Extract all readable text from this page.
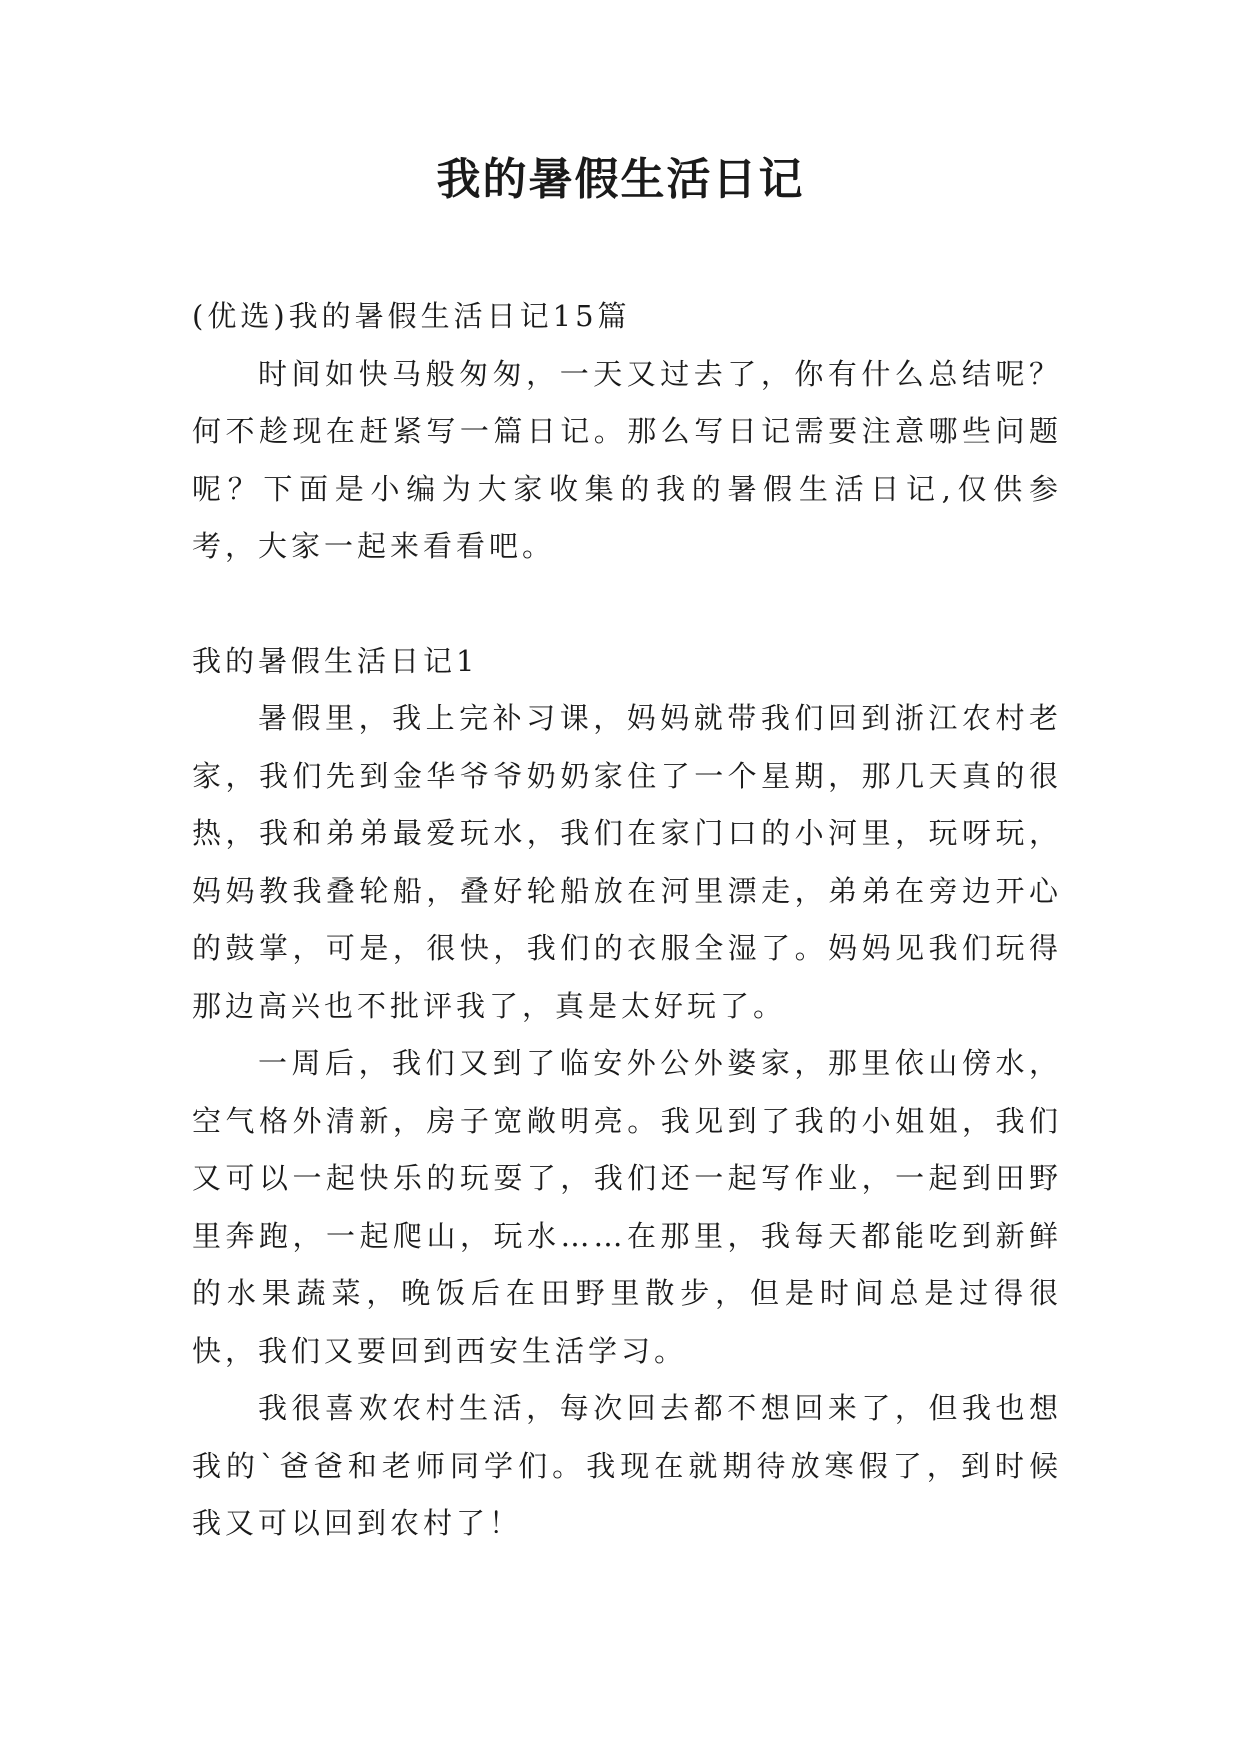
我的暑假生活日记

(优选)我的暑假生活日记15篇

时间如快马般匆匆，一天又过去了，你有什么总结呢？何不趁现在赶紧写一篇日记。那么写日记需要注意哪些问题呢？下面是小编为大家收集的我的暑假生活日记,仅供参考，大家一起来看看吧。

我的暑假生活日记1

暑假里，我上完补习课，妈妈就带我们回到浙江农村老家，我们先到金华爷爷奶奶家住了一个星期，那几天真的很热，我和弟弟最爱玩水，我们在家门口的小河里，玩呀玩，妈妈教我叠轮船，叠好轮船放在河里漂走，弟弟在旁边开心的鼓掌，可是，很快，我们的衣服全湿了。妈妈见我们玩得那边高兴也不批评我了，真是太好玩了。

一周后，我们又到了临安外公外婆家，那里依山傍水，空气格外清新，房子宽敞明亮。我见到了我的小姐姐，我们又可以一起快乐的玩耍了，我们还一起写作业，一起到田野里奔跑，一起爬山，玩水……在那里，我每天都能吃到新鲜的水果蔬菜，晚饭后在田野里散步，但是时间总是过得很快，我们又要回到西安生活学习。

我很喜欢农村生活，每次回去都不想回来了，但我也想我的`爸爸和老师同学们。我现在就期待放寒假了，到时候我又可以回到农村了！
